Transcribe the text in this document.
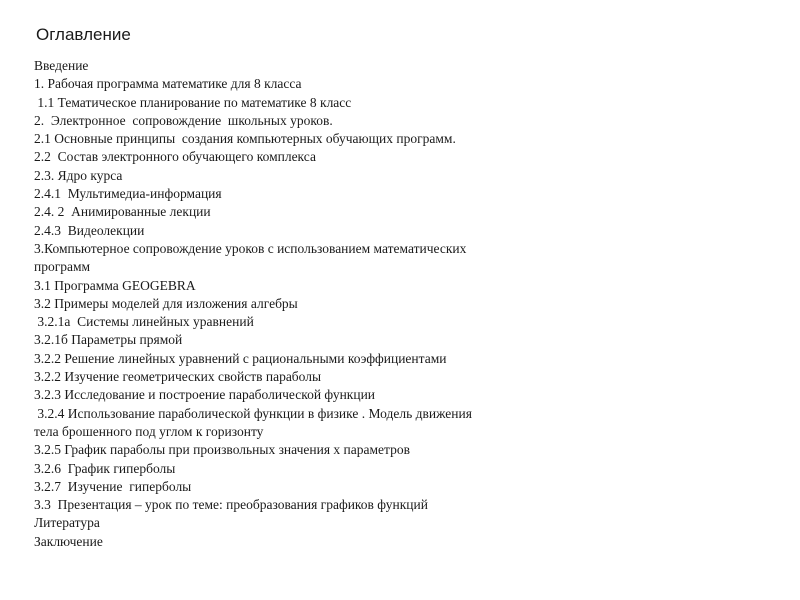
Оглавление
Введение
1. Рабочая программа математике для 8 класса
1.1 Тематическое планирование по математике 8 класс
2.  Электронное  сопровождение  школьных уроков.
2.1 Основные принципы  создания компьютерных обучающих программ.
2.2  Состав электронного обучающего комплекса
2.3. Ядро курса
2.4.1  Мультимедиа-информация
2.4. 2  Анимированные лекции
2.4.3  Видеолекции
3.Компьютерное сопровождение уроков с использованием математических
программ
3.1 Программа GEOGEBRA
3.2 Примеры моделей для изложения алгебры
3.2.1а  Системы линейных уравнений
3.2.1б Параметры прямой
3.2.2 Решение линейных уравнений с рациональными коэффициентами
3.2.2 Изучение геометрических свойств параболы
3.2.3 Исследование и построение параболической функции
3.2.4 Использование параболической функции в физике . Модель движения
тела брошенного под углом к горизонту
3.2.5 График параболы при произвольных значения х параметров
3.2.6  График гиперболы
3.2.7  Изучение  гиперболы
3.3  Презентация – урок по теме: преобразования графиков функций
Литература
Заключение
